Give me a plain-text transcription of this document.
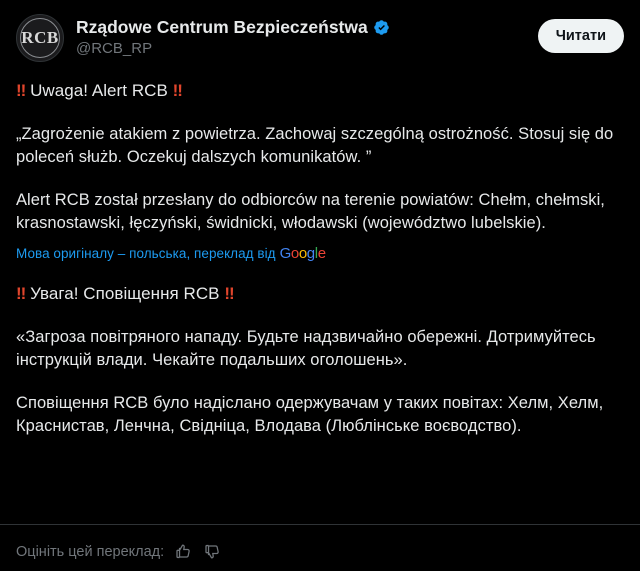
RCB
Rządowe Centrum Bezpieczeństwa
@RCB_RP
Читати

‼ Uwaga! Alert RCB ‼

„Zagrożenie atakiem z powietrza. Zachowaj szczególną ostrożność. Stosuj się do poleceń służb. Oczekuj dalszych komunikatów. ”

Alert RCB został przesłany do odbiorców na terenie powiatów: Chełm, chełmski, krasnostawski, łęczyński, świdnicki, włodawski (województwo lubelskie).

Мова оригіналу – польська, переклад від Google

‼ Увага! Сповіщення RCB ‼

«Загроза повітряного нападу. Будьте надзвичайно обережні. Дотримуйтесь інструкцій влади. Чекайте подальших оголошень».

Сповіщення RCB було надіслано одержувачам у таких повітах: Хелм, Хелм, Краснистав, Ленчна, Свідніца, Влодава (Люблінське воєводство).

Оцініть цей переклад:
